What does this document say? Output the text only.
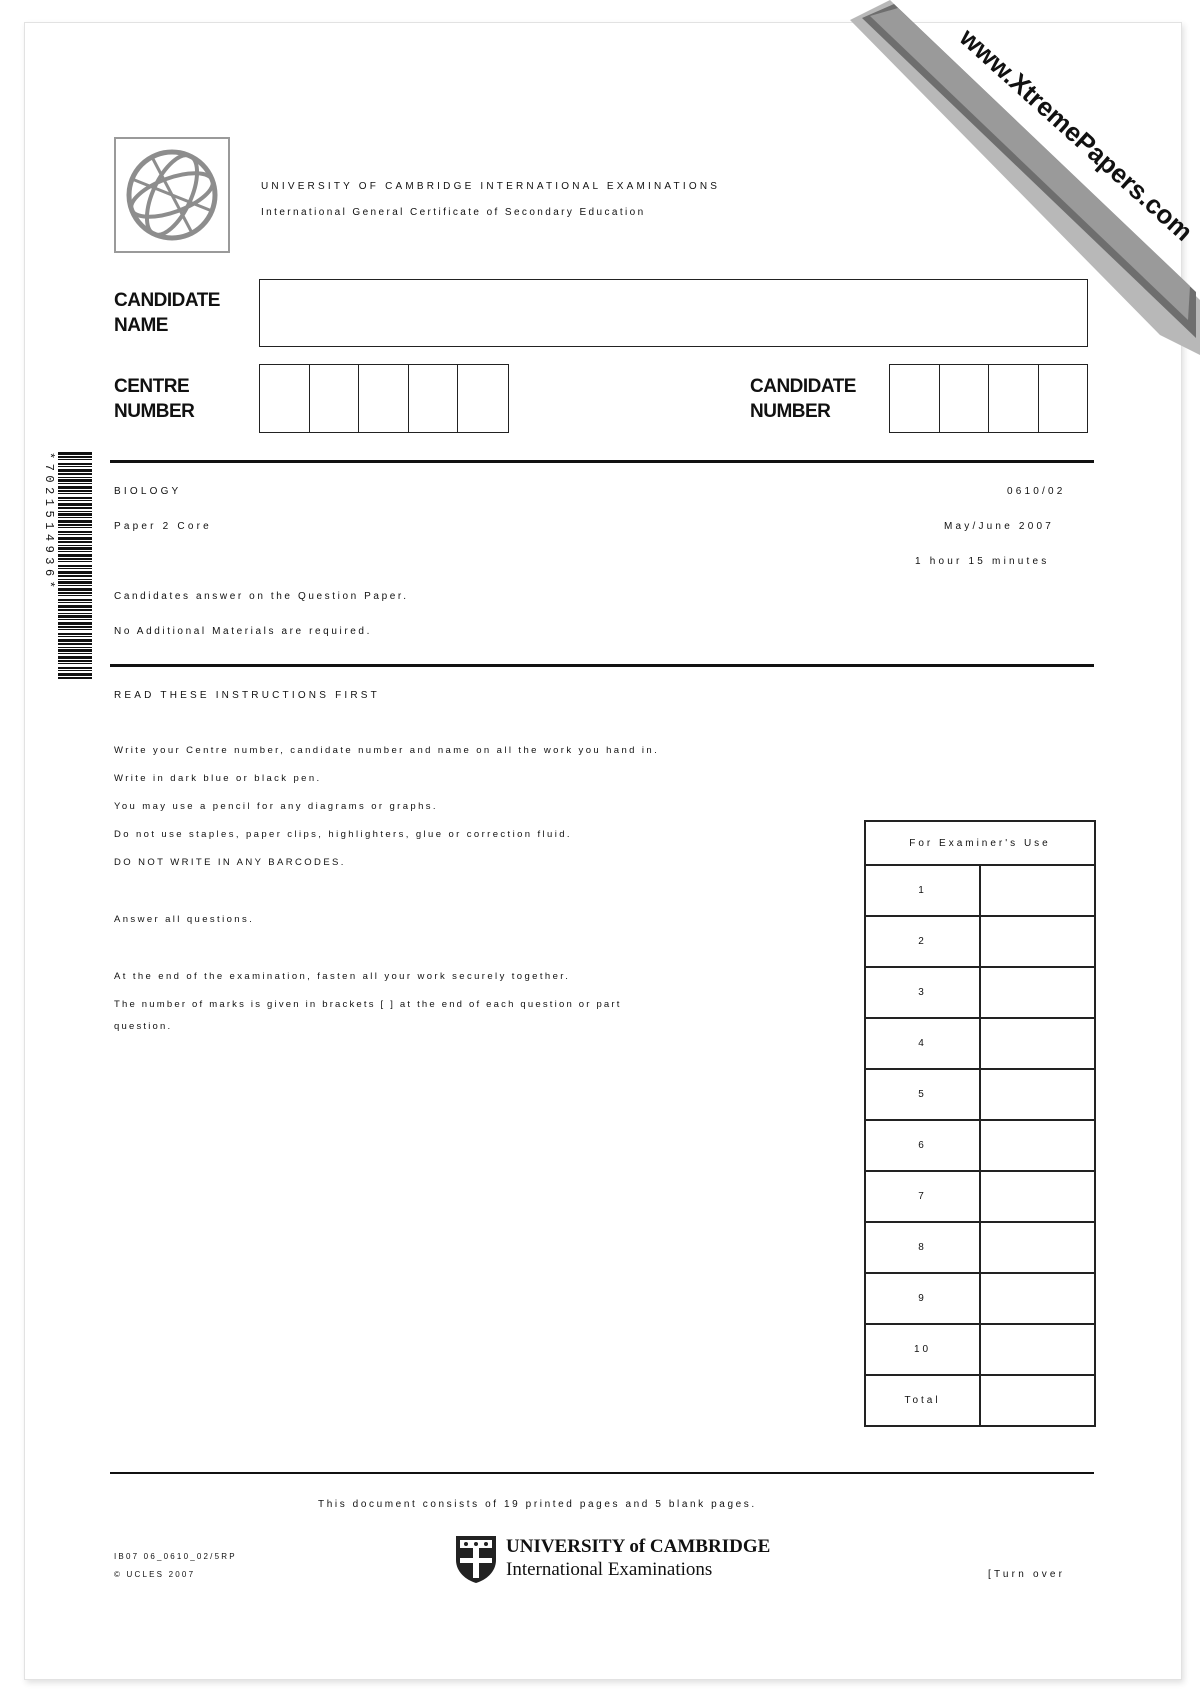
www.XtremePapers.com
UNIVERSITY OF CAMBRIDGE INTERNATIONAL EXAMINATIONS
International General Certificate of Secondary Education
CANDIDATE NAME
CENTRE NUMBER
CANDIDATE NUMBER
*7021514936*	BIOLOGY	0610/02
Paper 2 Core	May/June 2007
1 hour 15 minutes
Candidates answer on the Question Paper.
No Additional Materials are required.
READ THESE INSTRUCTIONS FIRST
Write your Centre number, candidate number and name on all the work you hand in.
Write in dark blue or black pen.
You may use a pencil for any diagrams or graphs.
Do not use staples, paper clips, highlighters, glue or correction fluid.
DO NOT WRITE IN ANY BARCODES.
Answer all questions.
At the end of the examination, fasten all your work securely together.
The number of marks is given in brackets [ ] at the end of each question or part
question.
For Examiner's Use	
1	
2	
3	
4	
5	
6	
7	
8	
9	
10	
Total	
This document consists of 19 printed pages and 5 blank pages.
IB07 06_0610_02/5RP
© UCLES 2007	[Turn over
UNIVERSITY of CAMBRIDGE
International Examinations
